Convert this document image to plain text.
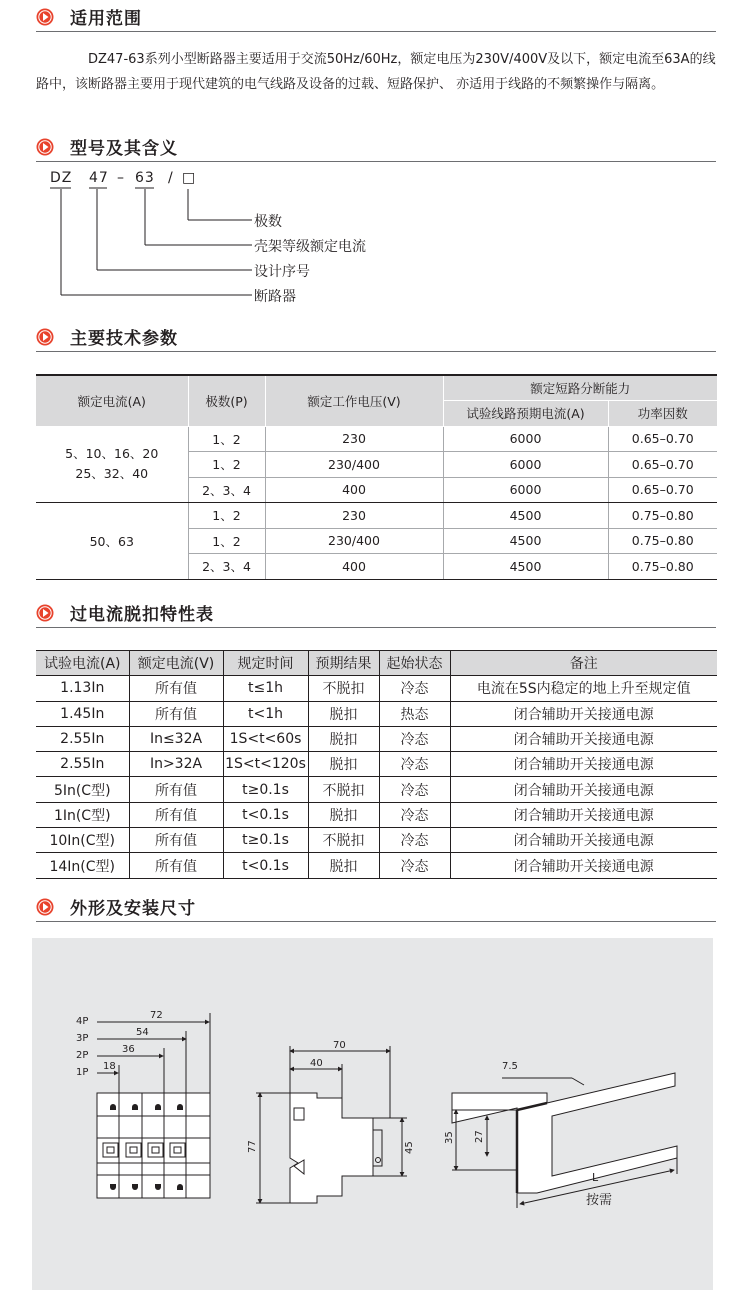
适用范围

DZ47-63系列小型断路器主要适用于交流50Hz/60Hz，额定电压为230V/400V及以下，额定电流至63A的线路中，该断路器主要用于现代建筑的电气线路及设备的过载、短路保护、 亦适用于线路的不频繁操作与隔离。

型号及其含义
DZ 47 – 63 / □
极数
壳架等级额定电流
设计序号
断路器
主要技术参数
额定电流(A)	极数(P)	额定工作电压(V)	额定短路分断能力	
			试验线路预期电流(A)	功率因数

5、10、16、20
25、32、40	1、2	230	6000	0.65–0.70
	1、2	230/400	6000	0.65–0.70
	2、3、4	400	6000	0.65–0.70
50、63	1、2	230	4500	0.75–0.80
	1、2	230/400	4500	0.75–0.80
	2、3、4	400	4500	0.75–0.80
过电流脱扣特性表
试验电流(A)	额定电流(V)	规定时间	预期结果	起始状态	备注
1.13In	所有值	t≤1h	不脱扣	冷态	电流在5S内稳定的地上升至规定值
1.45In	所有值	t<1h	脱扣	热态	闭合辅助开关接通电源
2.55In	In≤32A	1S<t<60s	脱扣	冷态	闭合辅助开关接通电源
2.55In	In>32A	1S<t<120s	脱扣	冷态	闭合辅助开关接通电源
5In(C型)	所有值	t≥0.1s	不脱扣	冷态	闭合辅助开关接通电源
1In(C型)	所有值	t<0.1s	脱扣	冷态	闭合辅助开关接通电源
10In(C型)	所有值	t≥0.1s	不脱扣	冷态	闭合辅助开关接通电源
14In(C型)	所有值	t<0.1s	脱扣	冷态	闭合辅助开关接通电源
外形及安装尺寸
4P
3P
2P
1P
72
54
36
18
70
40
77	45
7.5
35 27
L
按需
